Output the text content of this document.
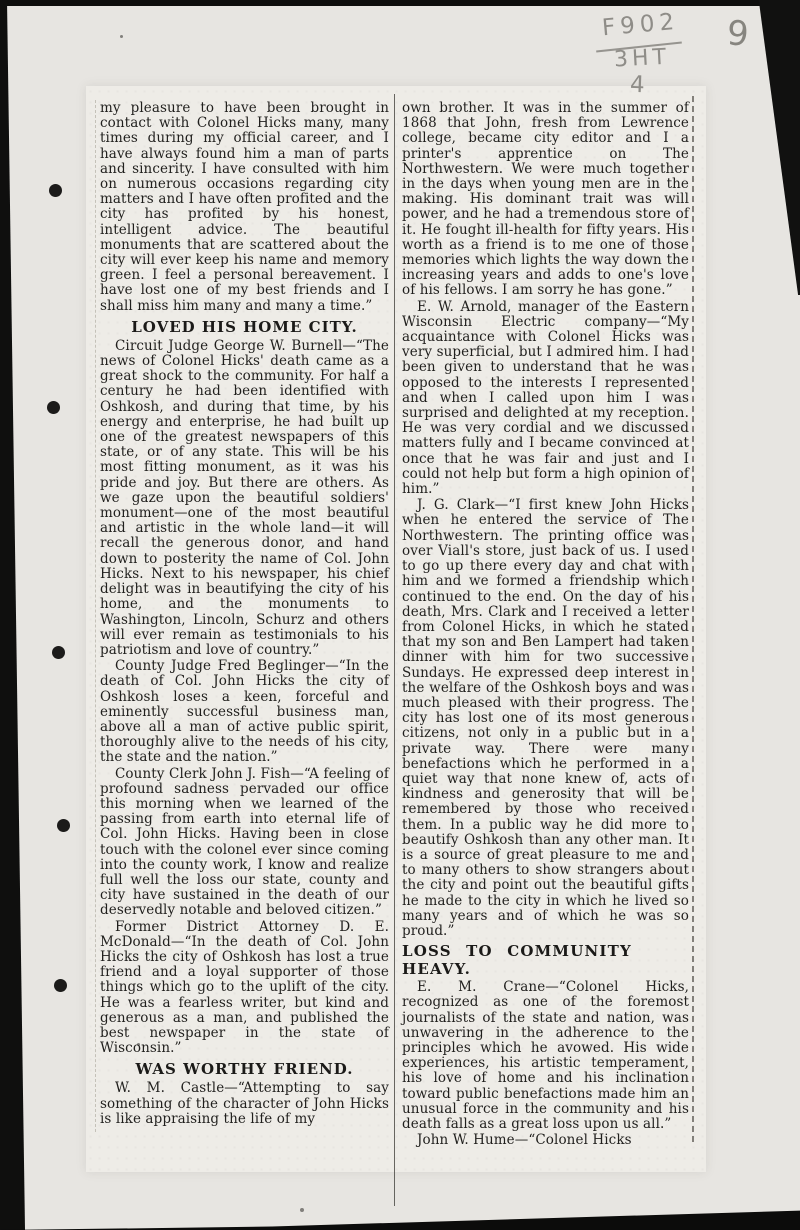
F902
3HT
4
9

my pleasure to have been brought in contact with Colonel Hicks many, many times during my official career, and I have always found him a man of parts and sincerity. I have consulted with him on numerous occasions regarding city matters and I have often profited and the city has profited by his honest, intelligent advice. The beautiful monuments that are scattered about the city will ever keep his name and memory green. I feel a personal bereavement. I have lost one of my best friends and I shall miss him many and many a time.”

LOVED HIS HOME CITY.

Circuit Judge George W. Burnell—“The news of Colonel Hicks' death came as a great shock to the community. For half a century he had been identified with Oshkosh, and during that time, by his energy and enterprise, he had built up one of the greatest newspapers of this state, or of any state. This will be his most fitting monument, as it was his pride and joy. But there are others. As we gaze upon the beautiful soldiers' monument—one of the most beautiful and artistic in the whole land—it will recall the generous donor, and hand down to posterity the name of Col. John Hicks. Next to his newspaper, his chief delight was in beautifying the city of his home, and the monuments to Washington, Lincoln, Schurz and others will ever remain as testimonials to his patriotism and love of country.”

County Judge Fred Beglinger—“In the death of Col. John Hicks the city of Oshkosh loses a keen, forceful and eminently successful business man, above all a man of active public spirit, thoroughly alive to the needs of his city, the state and the nation.”

County Clerk John J. Fish—“A feeling of profound sadness pervaded our office this morning when we learned of the passing from earth into eternal life of Col. John Hicks. Having been in close touch with the colonel ever since coming into the county work, I know and realize full well the loss our state, county and city have sustained in the death of our deservedly notable and beloved citizen.”

Former District Attorney D. E. McDonald—“In the death of Col. John Hicks the city of Oshkosh has lost a true friend and a loyal supporter of those things which go to the uplift of the city. He was a fearless writer, but kind and generous as a man, and published the best newspaper in the state of Wisconsin.”

WAS WORTHY FRIEND.

W. M. Castle—“Attempting to say something of the character of John Hicks is like appraising the life of my

own brother. It was in the summer of 1868 that John, fresh from Lewrence college, became city editor and I a printer's apprentice on The Northwestern. We were much together in the days when young men are in the making. His dominant trait was will power, and he had a tremendous store of it. He fought ill-health for fifty years. His worth as a friend is to me one of those memories which lights the way down the increasing years and adds to one's love of his fellows. I am sorry he has gone.”

E. W. Arnold, manager of the Eastern Wisconsin Electric company—“My acquaintance with Colonel Hicks was very superficial, but I admired him. I had been given to understand that he was opposed to the interests I represented and when I called upon him I was surprised and delighted at my reception. He was very cordial and we discussed matters fully and I became convinced at once that he was fair and just and I could not help but form a high opinion of him.”

J. G. Clark—“I first knew John Hicks when he entered the service of The Northwestern. The printing office was over Viall's store, just back of us. I used to go up there every day and chat with him and we formed a friendship which continued to the end. On the day of his death, Mrs. Clark and I received a letter from Colonel Hicks, in which he stated that my son and Ben Lampert had taken dinner with him for two successive Sundays. He expressed deep interest in the welfare of the Oshkosh boys and was much pleased with their progress. The city has lost one of its most generous citizens, not only in a public but in a private way. There were many benefactions which he performed in a quiet way that none knew of, acts of kindness and generosity that will be remembered by those who received them. In a public way he did more to beautify Oshkosh than any other man. It is a source of great pleasure to me and to many others to show strangers about the city and point out the beautiful gifts he made to the city in which he lived so many years and of which he was so proud.”

LOSS TO COMMUNITY HEAVY.

E. M. Crane—“Colonel Hicks, recognized as one of the foremost journalists of the state and nation, was unwavering in the adherence to the principles which he avowed. His wide experiences, his artistic temperament, his love of home and his inclination toward public benefactions made him an unusual force in the community and his death falls as a great loss upon us all.”

John W. Hume—“Colonel Hicks
